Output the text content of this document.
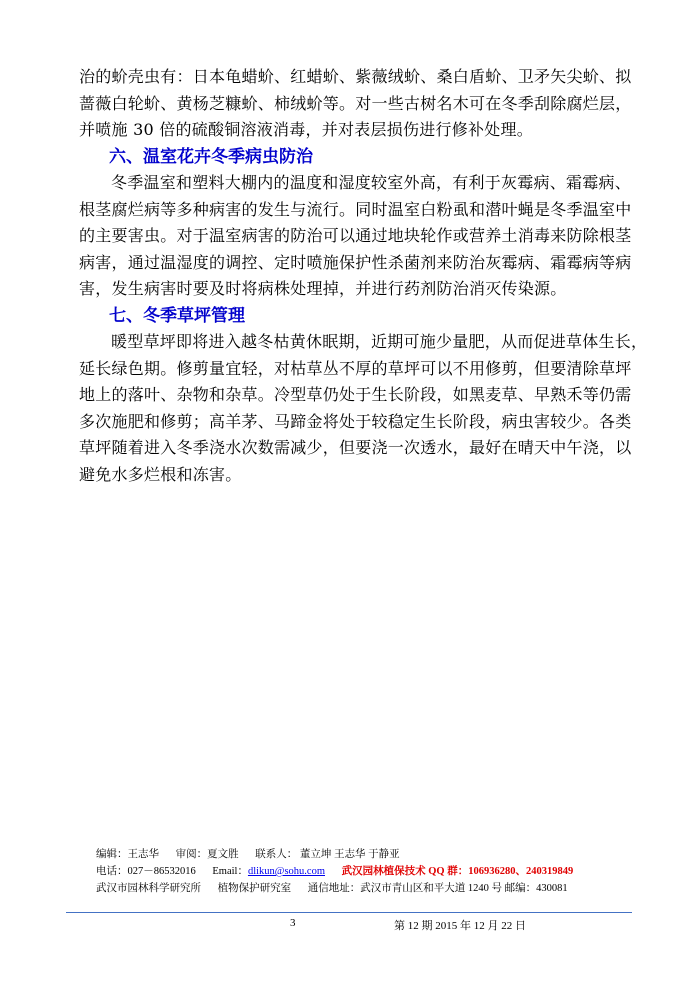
治的蚧壳虫有：日本龟蜡蚧、红蜡蚧、紫薇绒蚧、桑白盾蚧、卫矛矢尖蚧、拟
蔷薇白轮蚧、黄杨芝糠蚧、柿绒蚧等。对一些古树名木可在冬季刮除腐烂层，
并喷施 30 倍的硫酸铜溶液消毒，并对表层损伤进行修补处理。

六、温室花卉冬季病虫防治

冬季温室和塑料大棚内的温度和湿度较室外高，有利于灰霉病、霜霉病、
根茎腐烂病等多种病害的发生与流行。同时温室白粉虱和潜叶蝇是冬季温室中
的主要害虫。对于温室病害的防治可以通过地块轮作或营养土消毒来防除根茎
病害，通过温湿度的调控、定时喷施保护性杀菌剂来防治灰霉病、霜霉病等病
害，发生病害时要及时将病株处理掉，并进行药剂防治消灭传染源。

七、冬季草坪管理

暖型草坪即将进入越冬枯黄休眠期，近期可施少量肥，从而促进草体生长，
延长绿色期。修剪量宜轻，对枯草丛不厚的草坪可以不用修剪，但要清除草坪
地上的落叶、杂物和杂草。冷型草仍处于生长阶段，如黑麦草、早熟禾等仍需
多次施肥和修剪；高羊茅、马蹄金将处于较稳定生长阶段，病虫害较少。各类
草坪随着进入冬季浇水次数需减少，但要浇一次透水，最好在晴天中午浇，以
避免水多烂根和冻害。

编辑：王志华 审阅：夏文胜 联系人： 董立坤 王志华 于静亚
电话：027－86532016 Email：dlikun@sohu.com 武汉园林植保技术 QQ 群：106936280、240319849
武汉市园林科学研究所 植物保护研究室 通信地址：武汉市青山区和平大道 1240 号 邮编：430081
3	第 12 期 2015 年 12 月 22 日
